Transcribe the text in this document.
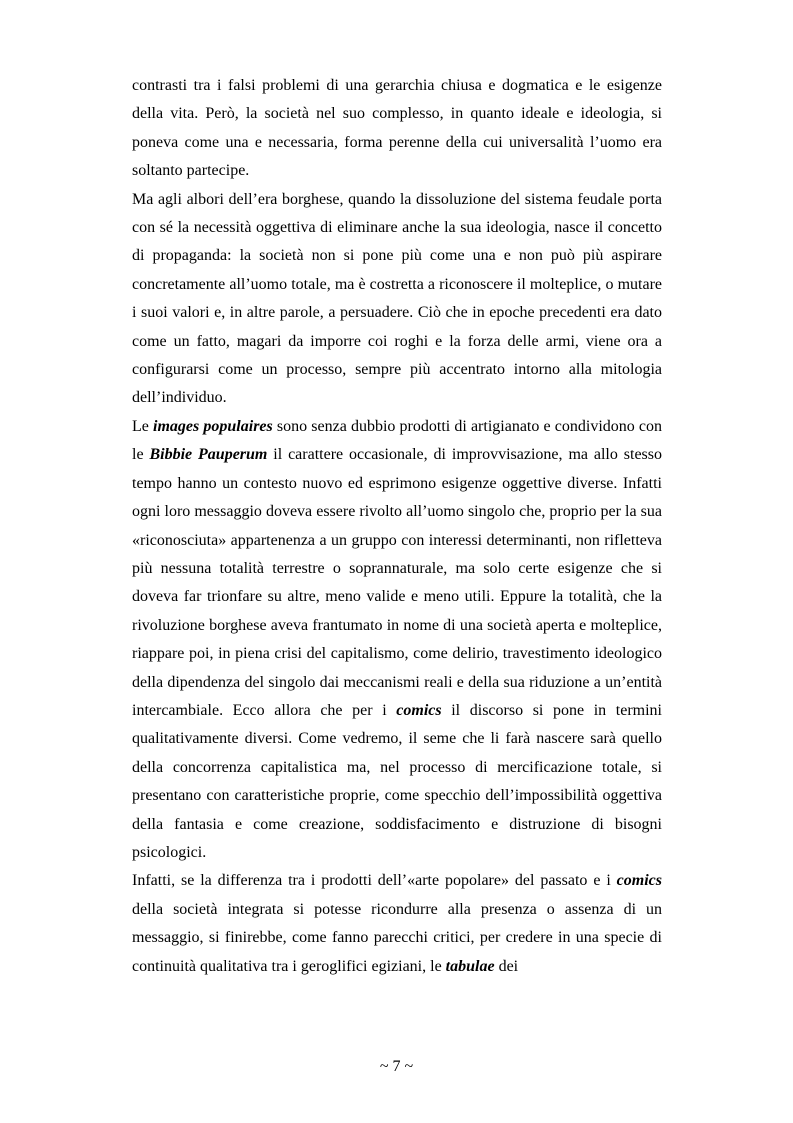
contrasti tra i falsi problemi di una gerarchia chiusa e dogmatica e le esigenze della vita. Però, la società nel suo complesso, in quanto ideale e ideologia, si poneva come una e necessaria, forma perenne della cui universalità l’uomo era soltanto partecipe.

Ma agli albori dell’era borghese, quando la dissoluzione del sistema feudale porta con sé la necessità oggettiva di eliminare anche la sua ideologia, nasce il concetto di propaganda: la società non si pone più come una e non può più aspirare concretamente all’uomo totale, ma è costretta a riconoscere il molteplice, o mutare i suoi valori e, in altre parole, a persuadere. Ciò che in epoche precedenti era dato come un fatto, magari da imporre coi roghi e la forza delle armi, viene ora a configurarsi come un processo, sempre più accentrato intorno alla mitologia dell’individuo.

Le images populaires sono senza dubbio prodotti di artigianato e condividono con le Bibbie Pauperum il carattere occasionale, di improvvisazione, ma allo stesso tempo hanno un contesto nuovo ed esprimono esigenze oggettive diverse. Infatti ogni loro messaggio doveva essere rivolto all’uomo singolo che, proprio per la sua «riconosciuta» appartenenza a un gruppo con interessi determinanti, non rifletteva più nessuna totalità terrestre o soprannaturale, ma solo certe esigenze che si doveva far trionfare su altre, meno valide e meno utili. Eppure la totalità, che la rivoluzione borghese aveva frantumato in nome di una società aperta e molteplice, riappare poi, in piena crisi del capitalismo, come delirio, travestimento ideologico della dipendenza del singolo dai meccanismi reali e della sua riduzione a un’entità intercambiale. Ecco allora che per i comics il discorso si pone in termini qualitativamente diversi. Come vedremo, il seme che li farà nascere sarà quello della concorrenza capitalistica ma, nel processo di mercificazione totale, si presentano con caratteristiche proprie, come specchio dell’impossibilità oggettiva della fantasia e come creazione, soddisfacimento e distruzione di bisogni psicologici.

Infatti, se la differenza tra i prodotti dell’«arte popolare» del passato e i comics della società integrata si potesse ricondurre alla presenza o assenza di un messaggio, si finirebbe, come fanno parecchi critici, per credere in una specie di continuità qualitativa tra i geroglifici egiziani, le tabulae dei

~ 7 ~
